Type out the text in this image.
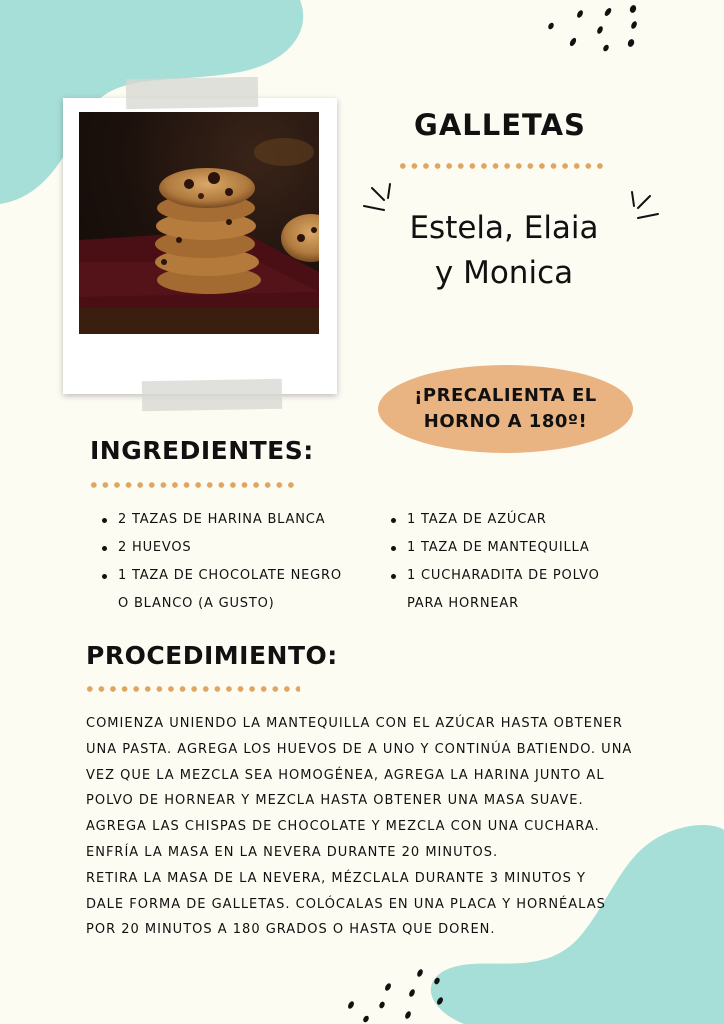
GALLETAS
Estela, Elaia
y Monica
¡PRECALIENTA EL
HORNO A 180º!
INGREDIENTES:
2 TAZAS DE HARINA BLANCA
2 HUEVOS
1 TAZA DE CHOCOLATE NEGRO O BLANCO (A GUSTO)
1 TAZA DE AZÚCAR
1 TAZA DE MANTEQUILLA
1 CUCHARADITA DE POLVO PARA HORNEAR
PROCEDIMIENTO:
COMIENZA UNIENDO LA MANTEQUILLA CON EL AZÚCAR HASTA OBTENER
UNA PASTA. AGREGA LOS HUEVOS DE A UNO Y CONTINÚA BATIENDO. UNA
VEZ QUE LA MEZCLA SEA HOMOGÉNEA, AGREGA LA HARINA JUNTO AL
POLVO DE HORNEAR Y MEZCLA HASTA OBTENER UNA MASA SUAVE.
AGREGA LAS CHISPAS DE CHOCOLATE Y MEZCLA CON UNA CUCHARA.
ENFRÍA LA MASA EN LA NEVERA DURANTE 20 MINUTOS.
RETIRA LA MASA DE LA NEVERA, MÉZCLALA DURANTE 3 MINUTOS Y
DALE FORMA DE GALLETAS. COLÓCALAS EN UNA PLACA Y HORNÉALAS
POR 20 MINUTOS A 180 GRADOS O HASTA QUE DOREN.
